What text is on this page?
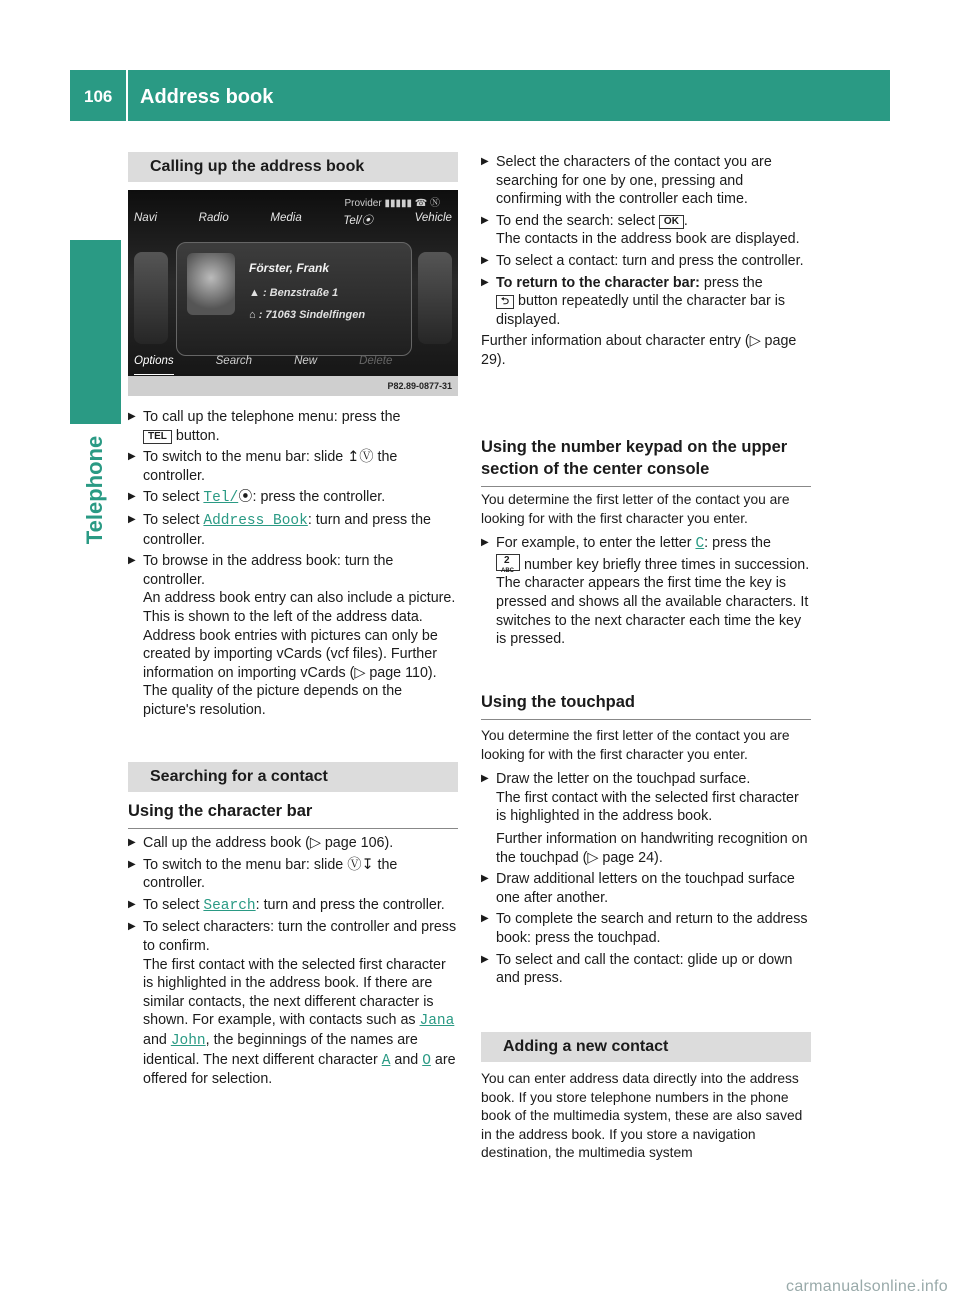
106 Address book
Telephone
Calling up the address book
Provider ▮▮▮▮▮ ☎ Ⓝ
Navi	Radio	Media	Tel/⦿	Vehicle
Förster, Frank
▲ : Benzstraße 1
⌂ : 71063 Sindelfingen
Options	Search	New	Delete
P82.89-0877-31
▶ To call up the telephone menu: press the
TEL button.
▶ To switch to the menu bar: slide ↥Ⓥ the controller.
▶ To select Tel/⦿: press the controller.
▶ To select Address Book: turn and press the controller.
▶ To browse in the address book: turn the controller.
An address book entry can also include a picture. This is shown to the left of the address data. Address book entries with pictures can only be created by importing vCards (vcf files). Further information on importing vCards (▷ page 110). The quality of the picture depends on the picture's resolution.
Searching for a contact
Using the character bar
▶ Call up the address book (▷ page 106).
▶ To switch to the menu bar: slide Ⓥ↧ the controller.
▶ To select Search: turn and press the controller.
▶ To select characters: turn the controller and press to confirm.
The first contact with the selected first character is highlighted in the address book. If there are similar contacts, the next different character is shown. For example, with contacts such as Jana and John, the beginnings of the names are identical. The next different character A and O are offered for selection.
▶ Select the characters of the contact you are searching for one by one, pressing and confirming with the controller each time.
▶ To end the search: select OK .
The contacts in the address book are displayed.
▶ To select a contact: turn and press the controller.
▶ To return to the character bar: press the
⮌ button repeatedly until the character bar is displayed.

Further information about character entry (▷ page 29).

Using the number keypad on the upper section of the center console

You determine the first letter of the contact you are looking for with the first character you enter.

▶ For example, to enter the letter C: press the

2
ABC number key briefly three times in succession.
The character appears the first time the key is pressed and shows all the available characters. It switches to the next character each time the key is pressed.
Using the touchpad

You determine the first letter of the contact you are looking for with the first character you enter.

▶ Draw the letter on the touchpad surface.
The first contact with the selected first character is highlighted in the address book.

Further information on handwriting recognition on the touchpad (▷ page 24).
▶ Draw additional letters on the touchpad surface one after another.
▶ To complete the search and return to the address book: press the touchpad.
▶ To select and call the contact: glide up or down and press.
Adding a new contact

You can enter address data directly into the address book. If you store telephone numbers in the phone book of the multimedia system, these are also saved in the address book. If you store a navigation destination, the multimedia system

carmanualsonline.info
